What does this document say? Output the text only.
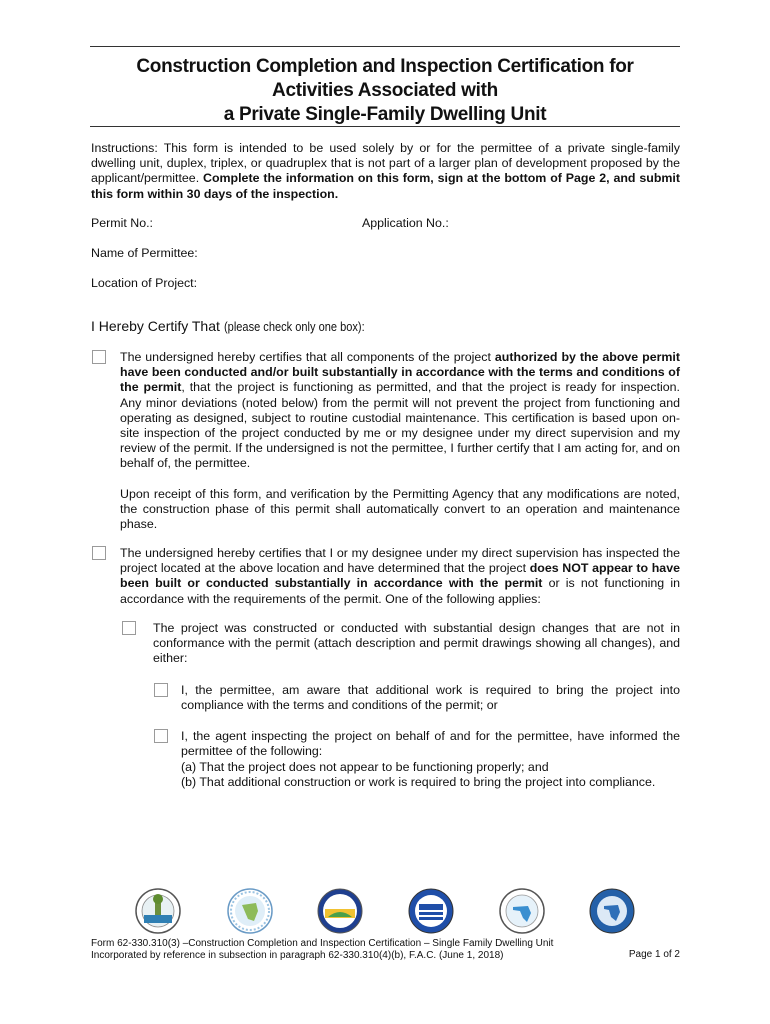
Construction Completion and Inspection Certification for
Activities Associated with
a Private Single-Family Dwelling Unit
Instructions: This form is intended to be used solely by or for the permittee of a private single-family dwelling unit, duplex, triplex, or quadruplex that is not part of a larger plan of development proposed by the applicant/permittee. Complete the information on this form, sign at the bottom of Page 2, and submit this form within 30 days of the inspection.
Permit No.:	Application No.:
Name of Permittee:
Location of Project:
I Hereby Certify That (please check only one box):
The undersigned hereby certifies that all components of the project authorized by the above permit have been conducted and/or built substantially in accordance with the terms and conditions of the permit, that the project is functioning as permitted, and that the project is ready for inspection. Any minor deviations (noted below) from the permit will not prevent the project from functioning and operating as designed, subject to routine custodial maintenance. This certification is based upon on-site inspection of the project conducted by me or my designee under my direct supervision and my review of the permit. If the undersigned is not the permittee, I further certify that I am acting for, and on behalf of, the permittee.
Upon receipt of this form, and verification by the Permitting Agency that any modifications are noted, the construction phase of this permit shall automatically convert to an operation and maintenance phase.
The undersigned hereby certifies that I or my designee under my direct supervision has inspected the project located at the above location and have determined that the project does NOT appear to have been built or conducted substantially in accordance with the permit or is not functioning in accordance with the requirements of the permit. One of the following applies:
The project was constructed or conducted with substantial design changes that are not in conformance with the permit (attach description and permit drawings showing all changes), and either:
I, the permittee, am aware that additional work is required to bring the project into compliance with the terms and conditions of the permit; or
I, the agent inspecting the project on behalf of and for the permittee, have informed the permittee of the following:
(a) That the project does not appear to be functioning properly; and
(b) That additional construction or work is required to bring the project into compliance.
Form 62-330.310(3) –Construction Completion and Inspection Certification – Single Family Dwelling Unit
Incorporated by reference in subsection in paragraph 62-330.310(4)(b), F.A.C. (June 1, 2018)	Page 1 of 2
